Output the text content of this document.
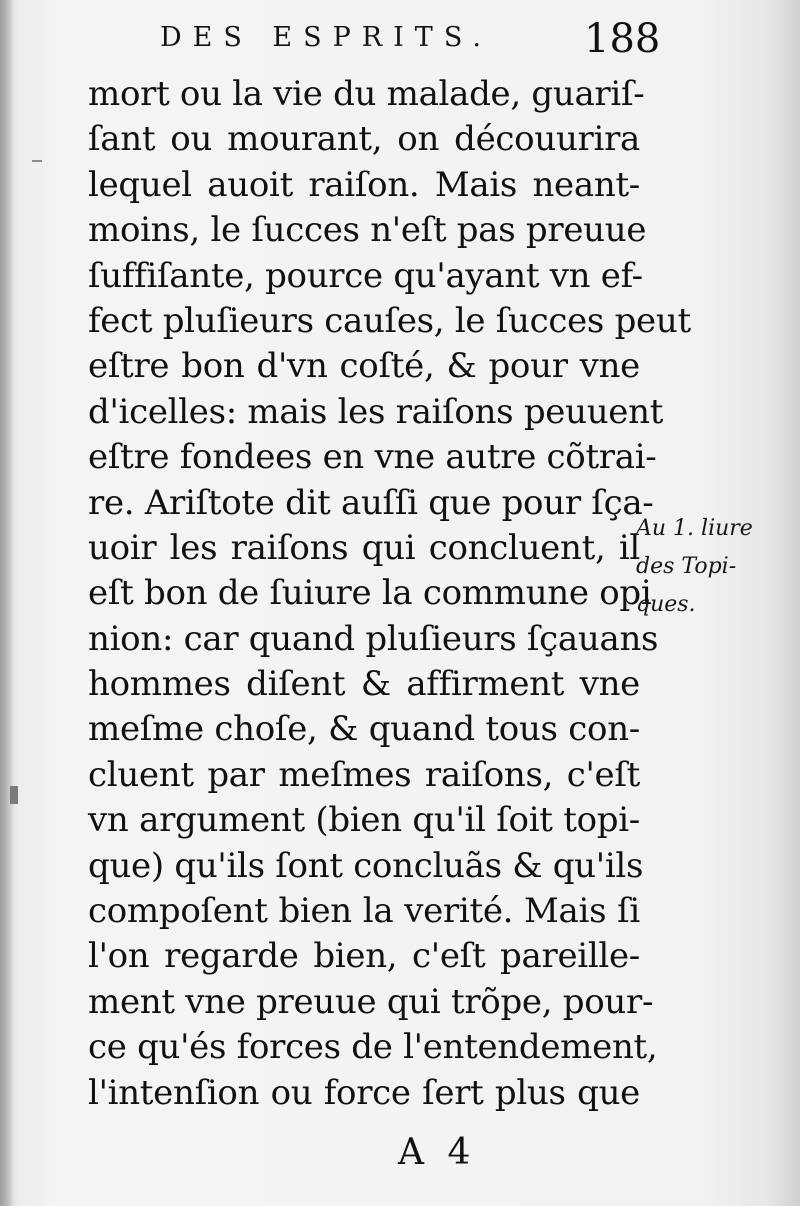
DES ESPRITS. 188
mort ou la vie du malade, guariſ-
ſant ou mourant, on découurira
lequel auoit raiſon. Mais neant-
moins, le ſucces n'eſt pas preuue
ſuffiſante, pource qu'ayant vn ef-
fect pluſieurs cauſes, le ſucces peut
eſtre bon d'vn coſté, & pour vne
d'icelles: mais les raiſons peuuent
eſtre fondees en vne autre cõtrai-
re. Ariſtote dit auſſi que pour ſça-
uoir les raiſons qui concluent, il
eſt bon de ſuiure la commune opi
nion: car quand pluſieurs ſçauans
hommes diſent & affirment vne
meſme choſe, & quand tous con-
cluent par meſmes raiſons, c'eſt
vn argument (bien qu'il ſoit topi-
que) qu'ils ſont concluãs & qu'ils
compoſent bien la verité. Mais ſi
l'on regarde bien, c'eſt pareille-
ment vne preuue qui trõpe, pour-
ce qu'és forces de l'entendement,
l'intenſion ou force ſert plus que
Au 1. liure
des Topi-
ques.
A 4
